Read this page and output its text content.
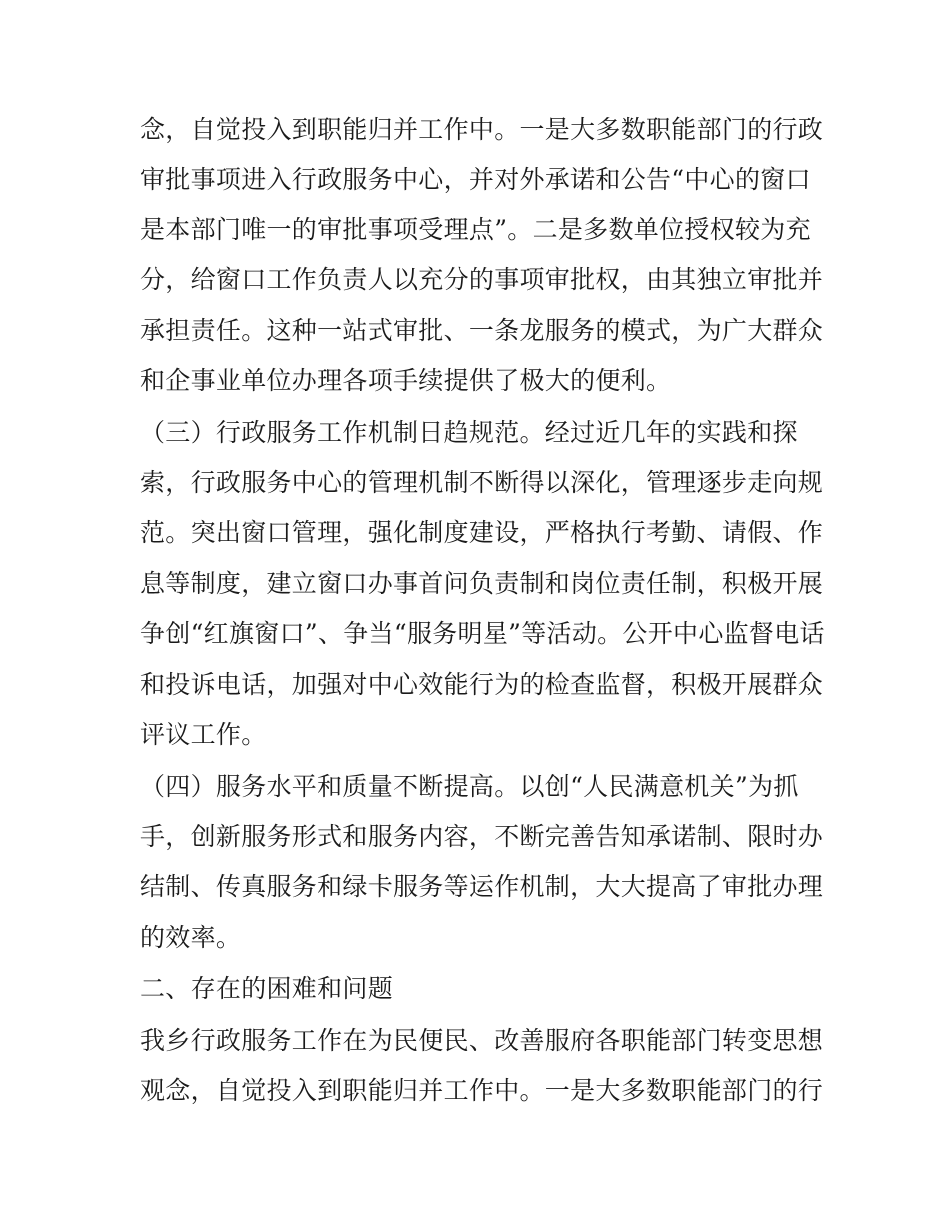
念，自觉投入到职能归并工作中。一是大多数职能部门的行政
审批事项进入行政服务中心，并对外承诺和公告“中心的窗口
是本部门唯一的审批事项受理点”。二是多数单位授权较为充
分，给窗口工作负责人以充分的事项审批权，由其独立审批并
承担责任。这种一站式审批、一条龙服务的模式，为广大群众
和企事业单位办理各项手续提供了极大的便利。
（三）行政服务工作机制日趋规范。经过近几年的实践和探
索，行政服务中心的管理机制不断得以深化，管理逐步走向规
范。突出窗口管理，强化制度建设，严格执行考勤、请假、作
息等制度，建立窗口办事首问负责制和岗位责任制，积极开展
争创“红旗窗口”、争当“服务明星”等活动。公开中心监督电话
和投诉电话，加强对中心效能行为的检查监督，积极开展群众
评议工作。
（四）服务水平和质量不断提高。以创“人民满意机关”为抓
手，创新服务形式和服务内容，不断完善告知承诺制、限时办
结制、传真服务和绿卡服务等运作机制，大大提高了审批办理
的效率。
二、存在的困难和问题
我乡行政服务工作在为民便民、改善服府各职能部门转变思想
观念，自觉投入到职能归并工作中。一是大多数职能部门的行
